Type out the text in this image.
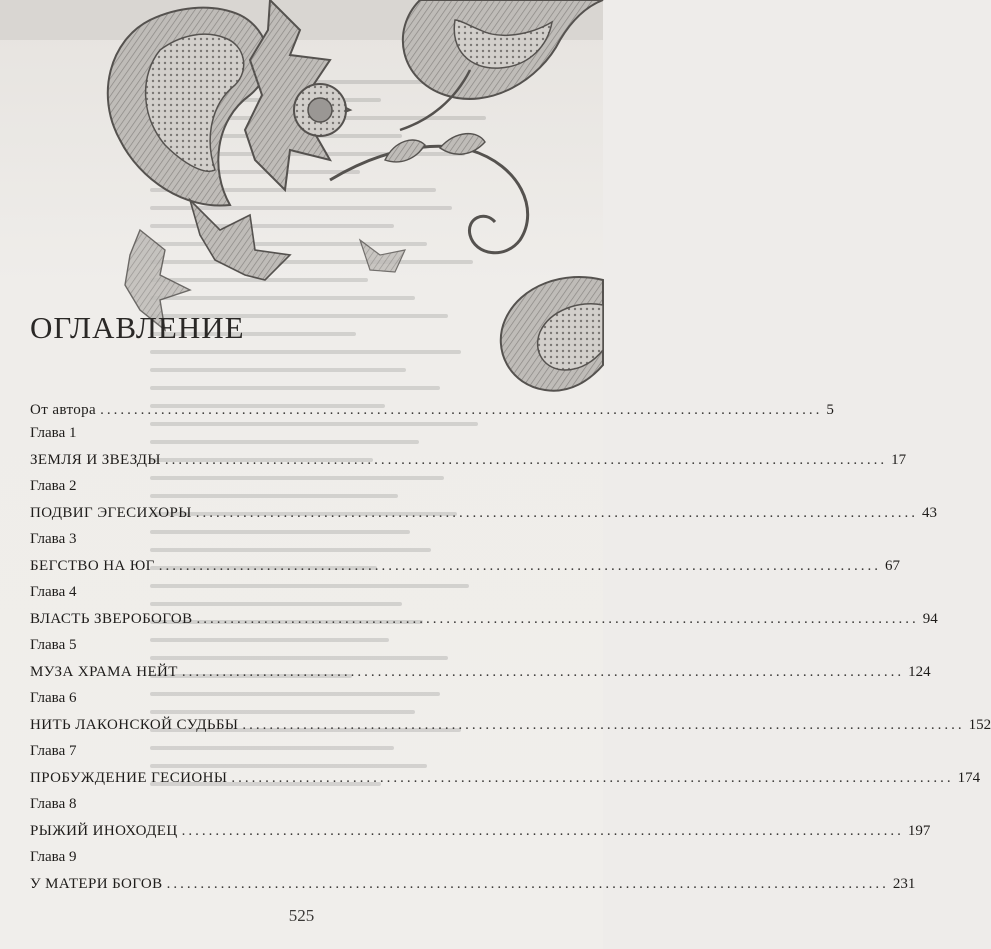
ОГЛАВЛЕНИЕ
От автора ........................................................................................................... 5
Глава 1
ЗЕМЛЯ И ЗВЕЗДЫ ........................................................................................................... 17
Глава 2
ПОДВИГ ЭГЕСИХОРЫ ........................................................................................................... 43
Глава 3
БЕГСТВО НА ЮГ ........................................................................................................... 67
Глава 4
ВЛАСТЬ ЗВЕРОБОГОВ ........................................................................................................... 94
Глава 5
МУЗА ХРАМА НЕЙТ ........................................................................................................... 124
Глава 6
НИТЬ ЛАКОНСКОЙ СУДЬБЫ ........................................................................................................... 152
Глава 7
ПРОБУЖДЕНИЕ ГЕСИОНЫ ........................................................................................................... 174
Глава 8
РЫЖИЙ ИНОХОДЕЦ ........................................................................................................... 197
Глава 9
У МАТЕРИ БОГОВ ........................................................................................................... 231
525
